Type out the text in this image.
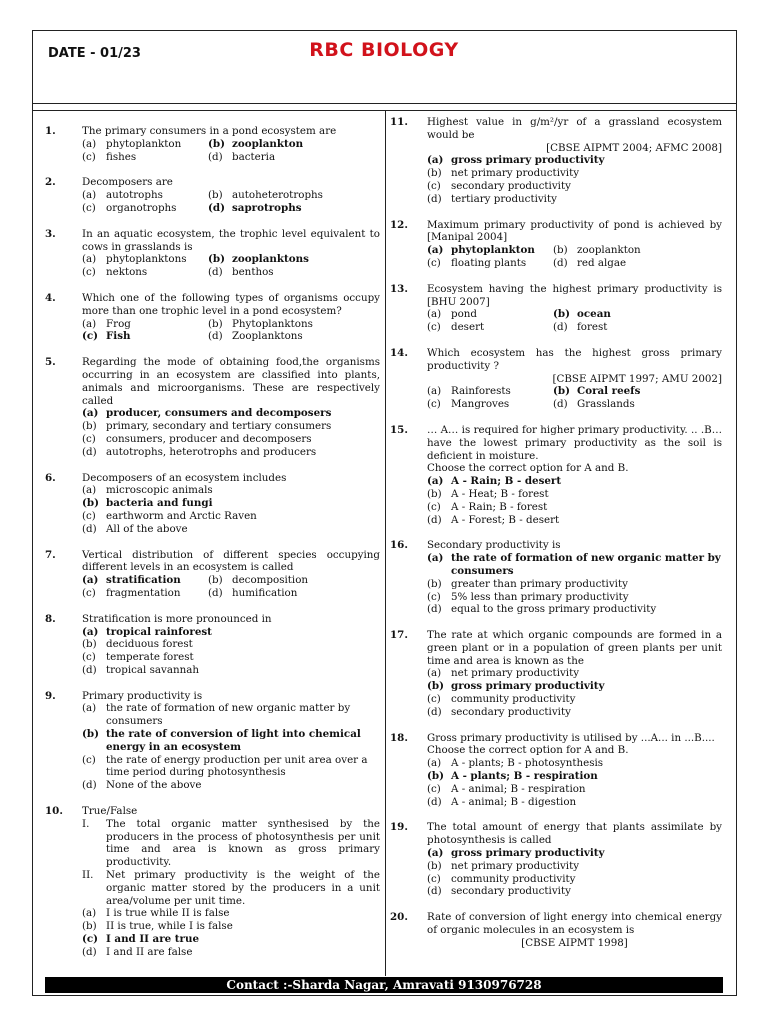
DATE - 01/23	RBC BIOLOGY
1.	The primary consumers in a pond ecosystem are
(a) phytoplankton	(b) zooplankton
(c) fishes	(d) bacteria
2.	Decomposers are
(a) autotrophs	(b) autoheterotrophs
(c) organotrophs	(d) saprotrophs
3.	In an aquatic ecosystem, the trophic level equivalent to cows in grasslands is
(a) phytoplanktons (b) zooplanktons
(c) nektons	(d) benthos
4.	Which one of the following types of organisms occupy more than one trophic level in a pond ecosystem?
(a) Frog	(b) Phytoplanktons
(c) Fish	(d) Zooplanktons
5.	Regarding the mode of obtaining food,the organisms occurring in an ecosystem are classified into plants, animals and microorganisms. These are respectively called
(a) producer, consumers and decomposers
(b) primary, secondary and tertiary consumers
(c) consumers, producer and decomposers
(d) autotrophs, heterotrophs and producers
6.	Decomposers of an ecosystem includes
(a) microscopic animals
(b) bacteria and fungi
(c) earthworm and Arctic Raven
(d) All of the above
7.	Vertical distribution of different species occupying different levels in an ecosystem is called
(a) stratification	(b) decomposition
(c) fragmentation	(d) humification
8.	Stratification is more pronounced in
(a) tropical rainforest
(b) deciduous forest
(c) temperate forest
(d) tropical savannah
9.	Primary productivity is
(a) the rate of formation of new organic matter by consumers
(b) the rate of conversion of light into chemical energy in an ecosystem
(c) the rate of energy production per unit area over a time period during photosynthesis
(d) None of the above
10. True/False
I.	The total organic matter synthesised by the producers in the process of photosynthesis per unit time and area is known as gross primary productivity.
II.	Net primary productivity is the weight of the organic matter stored by the producers in a unit area/volume per unit time.
(a) I is true while II is false
(b) II is true, while I is false
(c) I and II are true
(d) I and II are false
11. Highest value in g/m²/yr of a grassland ecosystem would be
[CBSE AIPMT 2004; AFMC 2008]
(a) gross primary productivity
(b) net primary productivity
(c) secondary productivity
(d) tertiary productivity
12. Maximum primary productivity of pond is achieved by [Manipal 2004]
(a) phytoplankton (b) zooplankton
(c) floating plants	(d) red algae
13. Ecosystem having the highest primary productivity is [BHU 2007]
(a) pond	(b) ocean
(c) desert	(d) forest
14. Which ecosystem has the highest gross primary productivity ?
[CBSE AIPMT 1997; AMU 2002]
(a) Rainforests	(b) Coral reefs
(c) Mangroves	(d) Grasslands
15. … A… is required for higher primary productivity. .. .B… have the lowest primary productivity as the soil is deficient in moisture.
Choose the correct option for A and B.
(a) A - Rain; B - desert
(b) A - Heat; B - forest
(c) A - Rain; B - forest
(d) A - Forest; B - desert
16. Secondary productivity is
(a) the rate of formation of new organic matter by consumers
(b) greater than primary productivity
(c) 5% less than primary productivity
(d) equal to the gross primary productivity
17. The rate at which organic compounds are formed in a green plant or in a population of green plants per unit time and area is known as the
(a) net primary productivity
(b) gross primary productivity
(c) community productivity
(d) secondary productivity
18. Gross primary productivity is utilised by ...A... in ...B....
Choose the correct option for A and B.
(a) A - plants; B - photosynthesis
(b) A - plants; B - respiration
(c) A - animal; B - respiration
(d) A - animal; B - digestion
19. The total amount of energy that plants assimilate by photosynthesis is called
(a) gross primary productivity
(b) net primary productivity
(c) community productivity
(d) secondary productivity
20. Rate of conversion of light energy into chemical energy of organic molecules in an ecosystem is
[CBSE AIPMT 1998]
Contact :-Sharda Nagar, Amravati 9130976728
